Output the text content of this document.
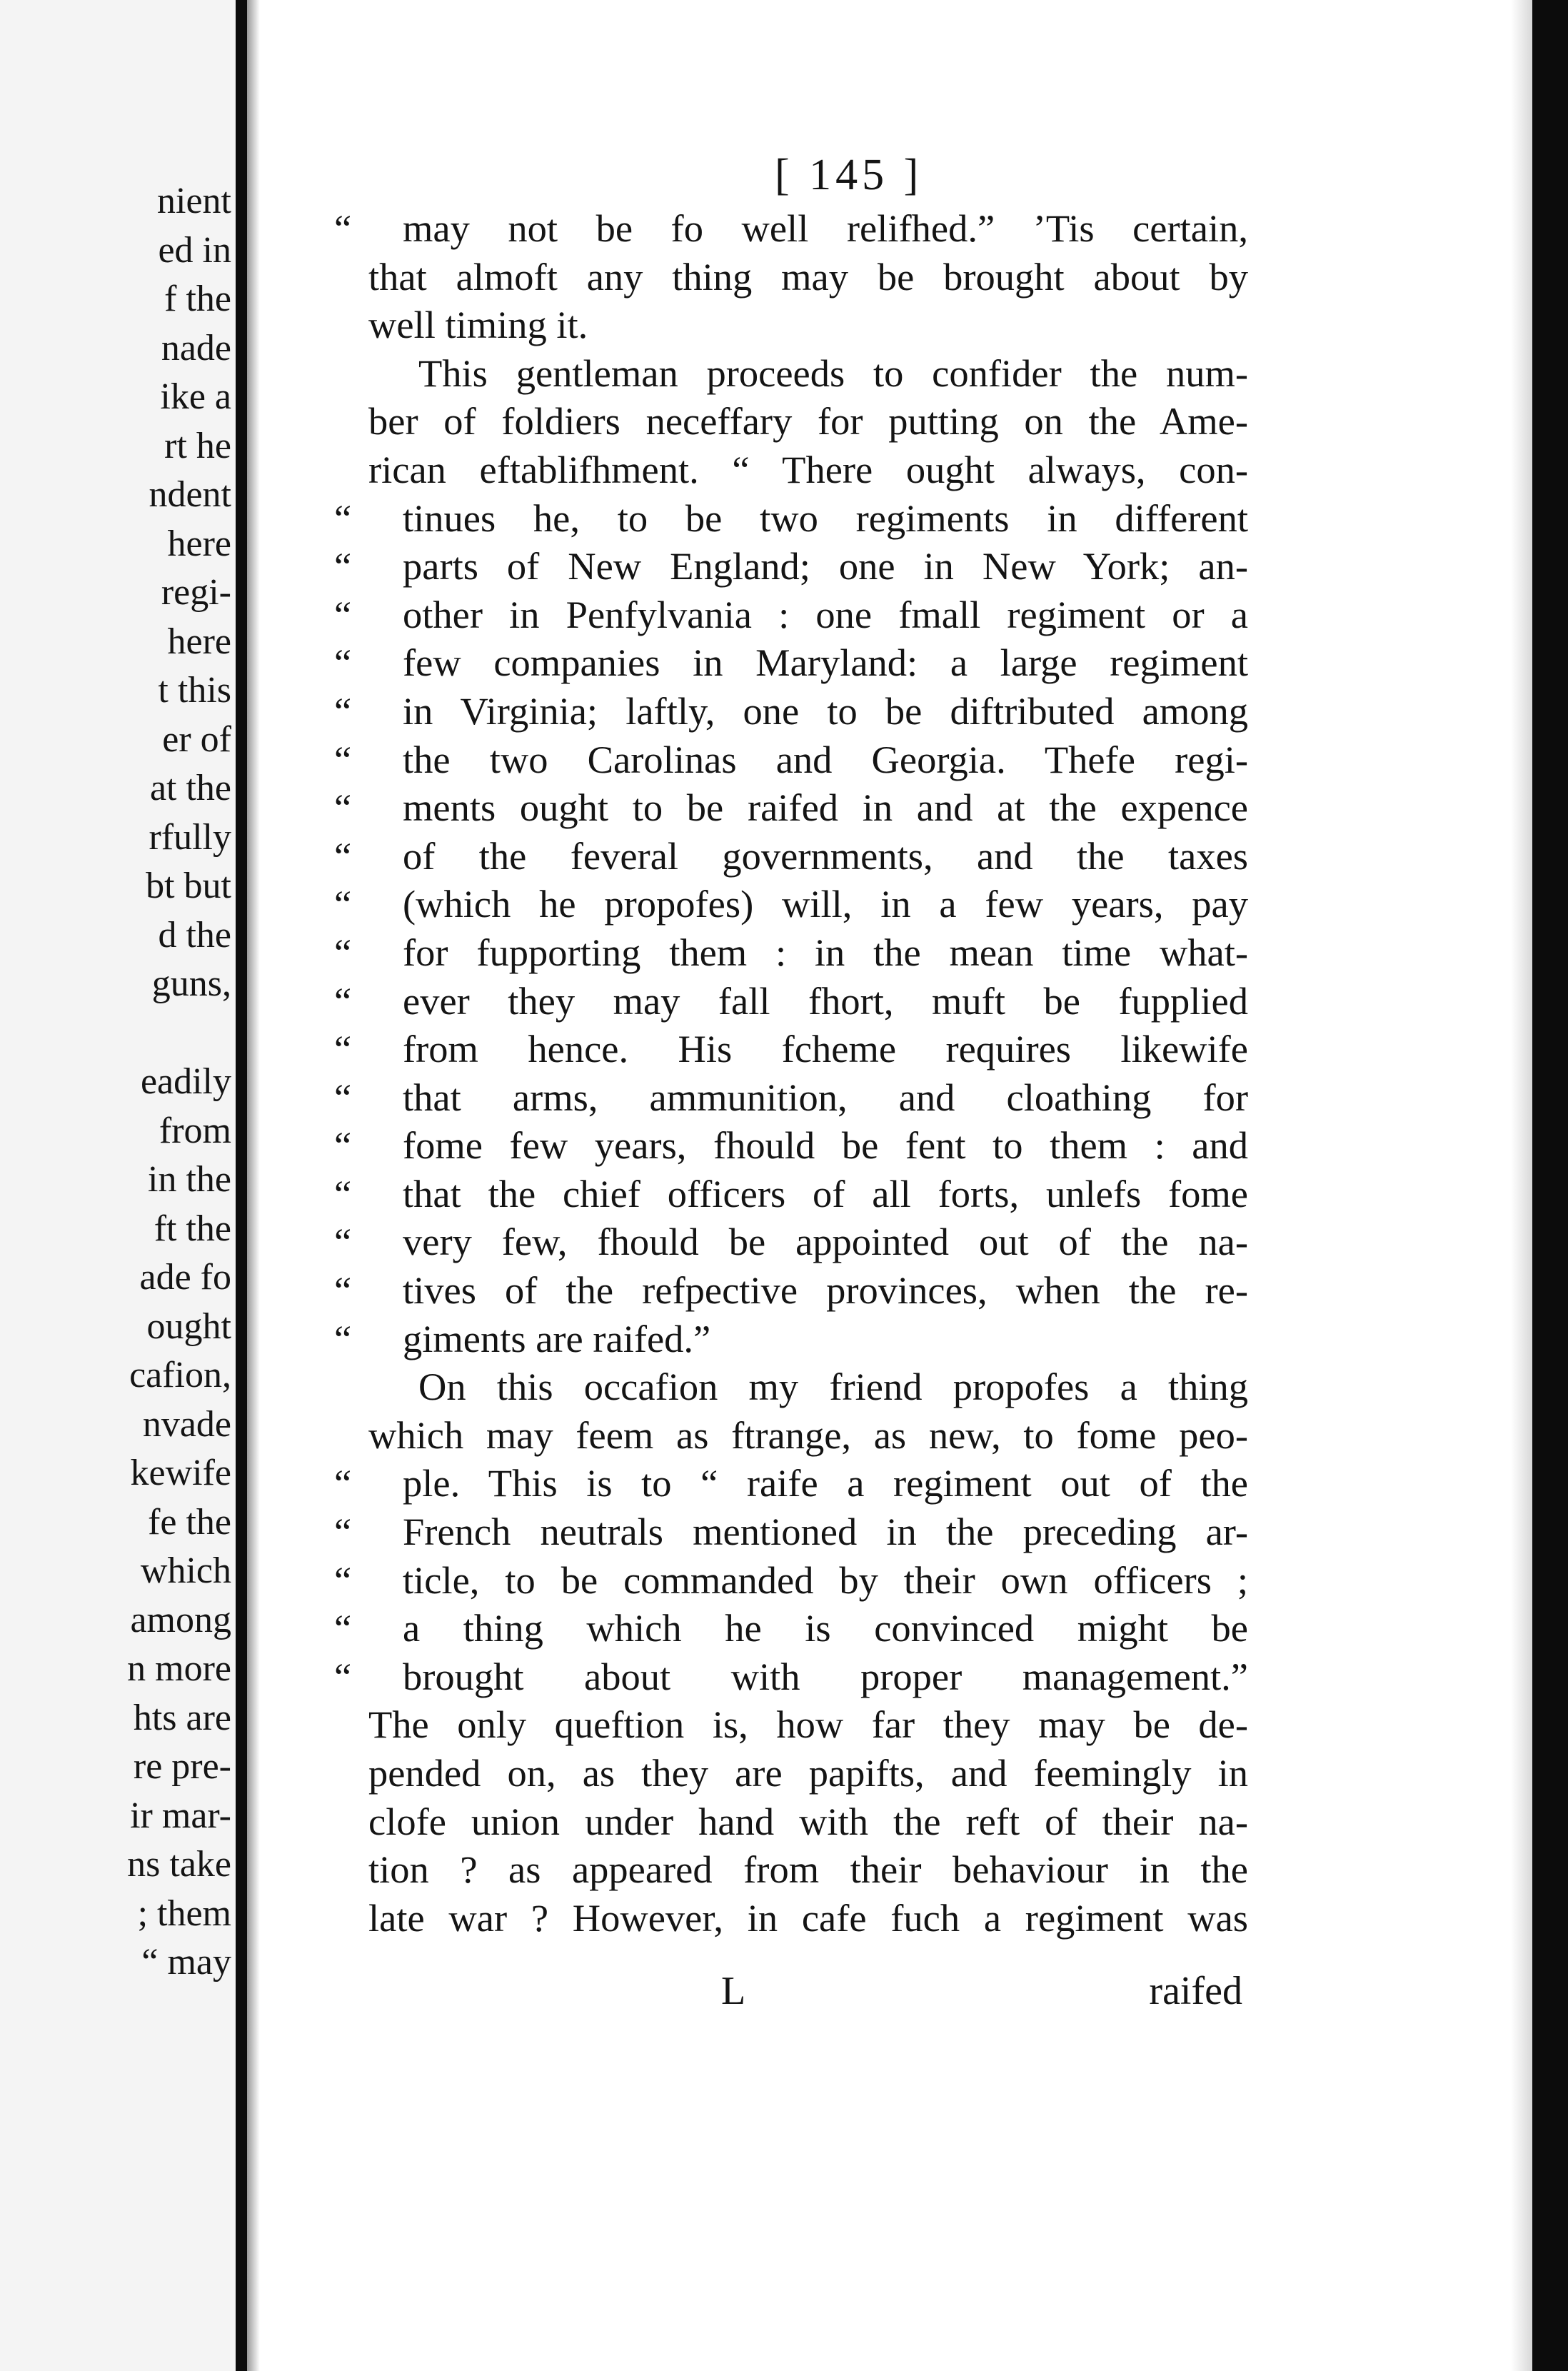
nient
ed in
f the
nade
ike a
rt he
ndent
here
regi-
here
t this
er of
at the
rfully
bt but
d the
guns,
eadily
from
in the
ft the
ade fo
ought
cafion,
nvade
kewife
fe the
which
among
n more
hts are
re pre-
ir mar-
ns take
; them
“ may
[ 145 ]
“ may not be fo well relifhed.” ’Tis certain,
that almoft any thing may be brought about by
well timing it.
This gentleman proceeds to confider the num-
ber of foldiers neceffary for putting on the Ame-
rican eftablifhment. “ There ought always, con-
“ tinues he, to be two regiments in different
“ parts of New England; one in New York; an-
“ other in Penfylvania : one fmall regiment or a
“ few companies in Maryland: a large regiment
“ in Virginia; laftly, one to be diftributed among
“ the two Carolinas and Georgia. Thefe regi-
“ ments ought to be raifed in and at the expence
“ of the feveral governments, and the taxes
“ (which he propofes) will, in a few years, pay
“ for fupporting them : in the mean time what-
“ ever they may fall fhort, muft be fupplied
“ from hence. His fcheme requires likewife
“ that arms, ammunition, and cloathing for
“ fome few years, fhould be fent to them : and
“ that the chief officers of all forts, unlefs fome
“ very few, fhould be appointed out of the na-
“ tives of the refpective provinces, when the re-
“ giments are raifed.”
On this occafion my friend propofes a thing
which may feem as ftrange, as new, to fome peo-
“ ple. This is to “ raife a regiment out of the
“ French neutrals mentioned in the preceding ar-
“ ticle, to be commanded by their own officers ;
“ a thing which he is convinced might be
“ brought about with proper management.”
The only queftion is, how far they may be de-
pended on, as they are papifts, and feemingly in
clofe union under hand with the reft of their na-
tion ? as appeared from their behaviour in the
late war ? However, in cafe fuch a regiment was
L	raifed
